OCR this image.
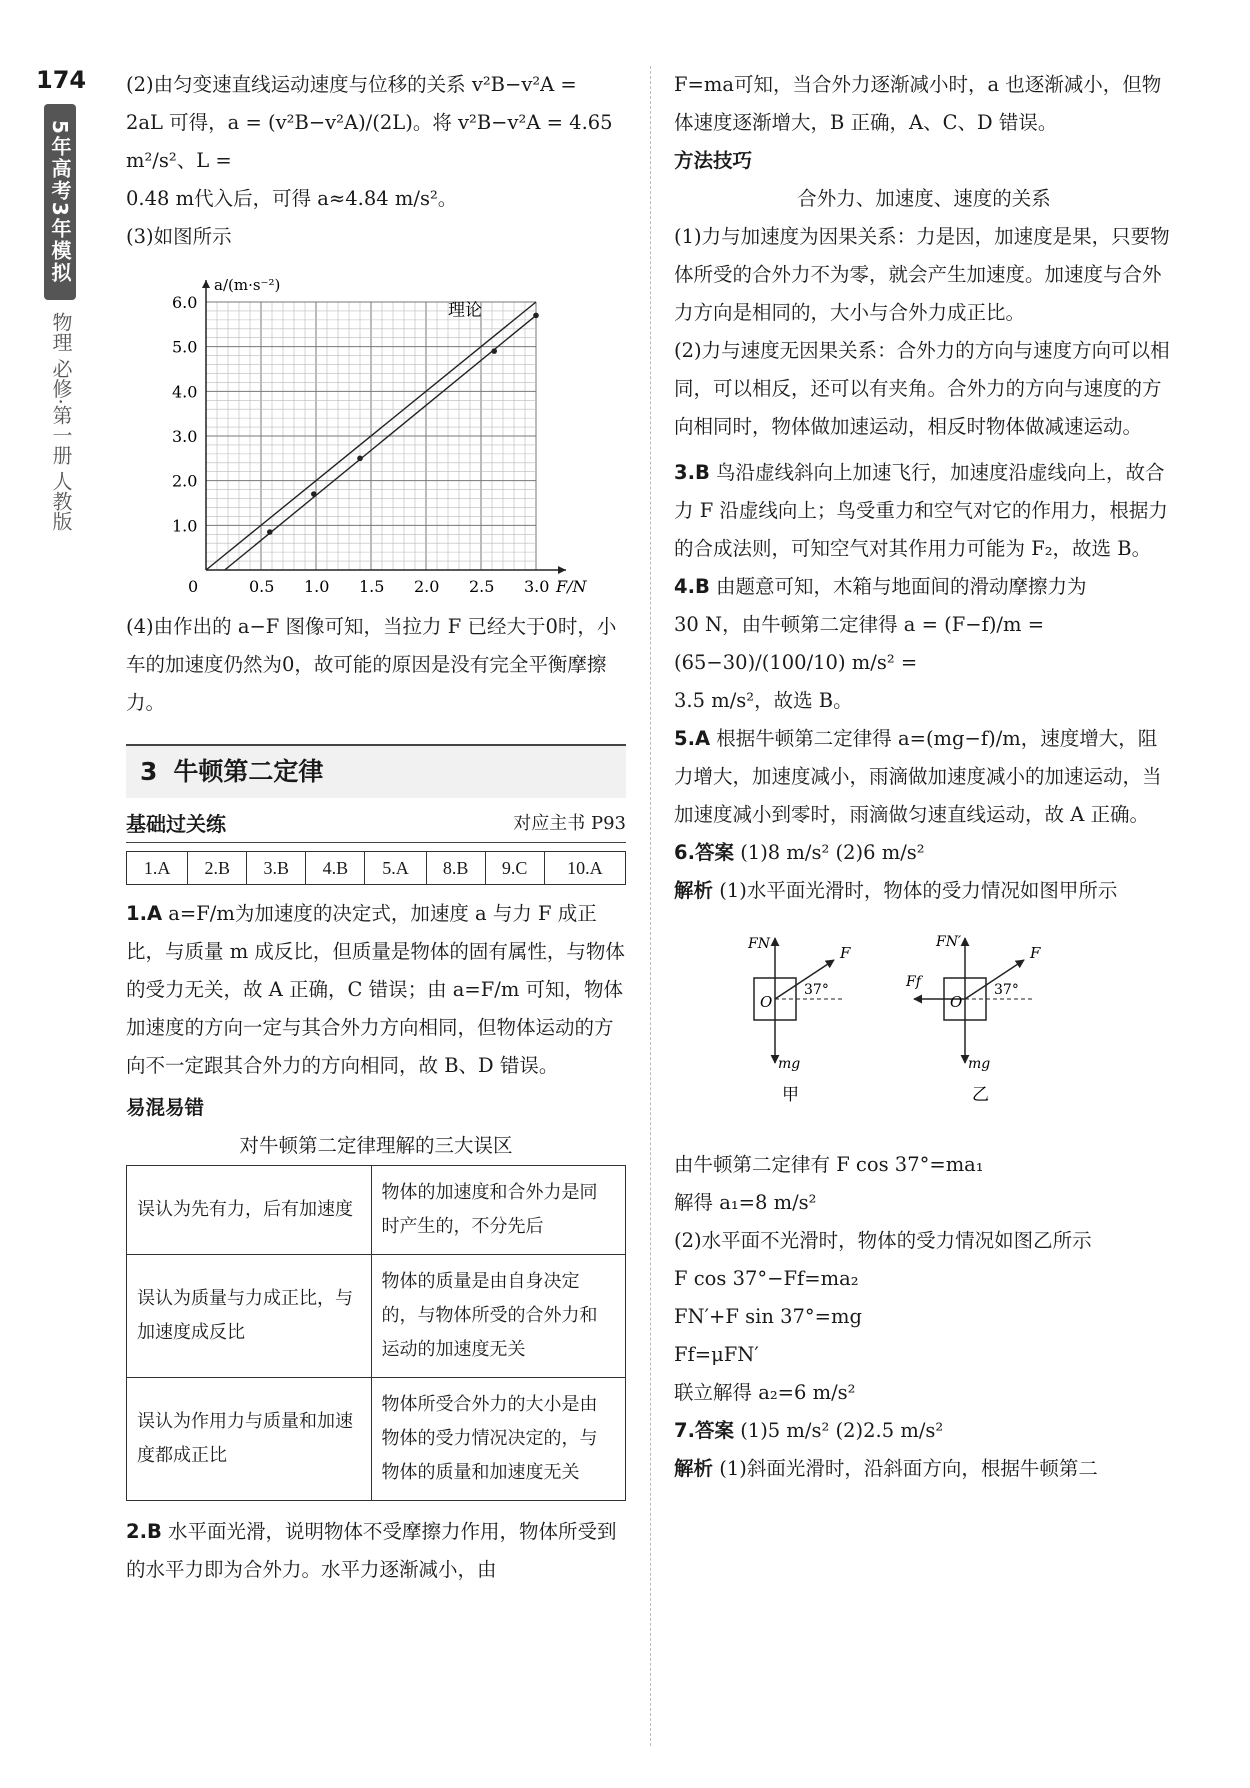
174
5年高考3年模拟
物理 必修·第一册 人教版

(2)由匀变速直线运动速度与位移的关系 v²B−v²A =

2aL 可得，a = (v²B−v²A)/(2L)。将 v²B−v²A = 4.65 m²/s²、L =

0.48 m代入后，可得 a≈4.84 m/s²。

(3)如图所示

0	0.5 1.0 1.5 2.0 2.5 3.0
1.0
2.0
3.0
4.0
5.0
6.0
a/(m·s⁻²)
F/N
理论

(4)由作出的 a−F 图像可知，当拉力 F 已经大于0时，小车的加速度仍然为0，故可能的原因是没有完全平衡摩擦力。

3 牛顿第二定律
基础过关练	对应主书 P93
1.A	2.B	3.B	4.B	5.A	8.B	9.C	10.A

1.A a=F/m为加速度的决定式，加速度 a 与力 F 成正比，与质量 m 成反比，但质量是物体的固有属性，与物体的受力无关，故 A 正确，C 错误；由 a=F/m 可知，物体加速度的方向一定与其合外力方向相同，但物体运动的方向不一定跟其合外力的方向相同，故 B、D 错误。

易混易错

对牛顿第二定律理解的三大误区

误认为先有力，后有加速度	物体的加速度和合外力是同时产生的，不分先后
误认为质量与力成正比，与加速度成反比	物体的质量是由自身决定的，与物体所受的合外力和运动的加速度无关
误认为作用力与质量和加速度都成正比	物体所受合外力的大小是由物体的受力情况决定的，与物体的质量和加速度无关

2.B 水平面光滑，说明物体不受摩擦力作用，物体所受到的水平力即为合外力。水平力逐渐减小，由

F=ma可知，当合外力逐渐减小时，a 也逐渐减小，但物体速度逐渐增大，B 正确，A、C、D 错误。

方法技巧

合外力、加速度、速度的关系

(1)力与加速度为因果关系：力是因，加速度是果，只要物体所受的合外力不为零，就会产生加速度。加速度与合外力方向是相同的，大小与合外力成正比。

(2)力与速度无因果关系：合外力的方向与速度方向可以相同，可以相反，还可以有夹角。合外力的方向与速度的方向相同时，物体做加速运动，相反时物体做减速运动。

3.B 鸟沿虚线斜向上加速飞行，加速度沿虚线向上，故合力 F 沿虚线向上；鸟受重力和空气对它的作用力，根据力的合成法则，可知空气对其作用力可能为 F₂，故选 B。

4.B 由题意可知，木箱与地面间的滑动摩擦力为

30 N，由牛顿第二定律得 a = (F−f)/m = (65−30)/(100/10) m/s² =

3.5 m/s²，故选 B。

5.A 根据牛顿第二定律得 a=(mg−f)/m，速度增大，阻力增大，加速度减小，雨滴做加速度减小的加速运动，当加速度减小到零时，雨滴做匀速直线运动，故 A 正确。

6.答案 (1)8 m/s² (2)6 m/s²

解析 (1)水平面光滑时，物体的受力情况如图甲所示

FN	F
37°
O
mg
甲
FN′
F
Ff	37°
O
mg
乙

由牛顿第二定律有 F cos 37°=ma₁

解得 a₁=8 m/s²

(2)水平面不光滑时，物体的受力情况如图乙所示

F cos 37°−Ff=ma₂

FN′+F sin 37°=mg

Ff=μFN′

联立解得 a₂=6 m/s²

7.答案 (1)5 m/s² (2)2.5 m/s²

解析 (1)斜面光滑时，沿斜面方向，根据牛顿第二
